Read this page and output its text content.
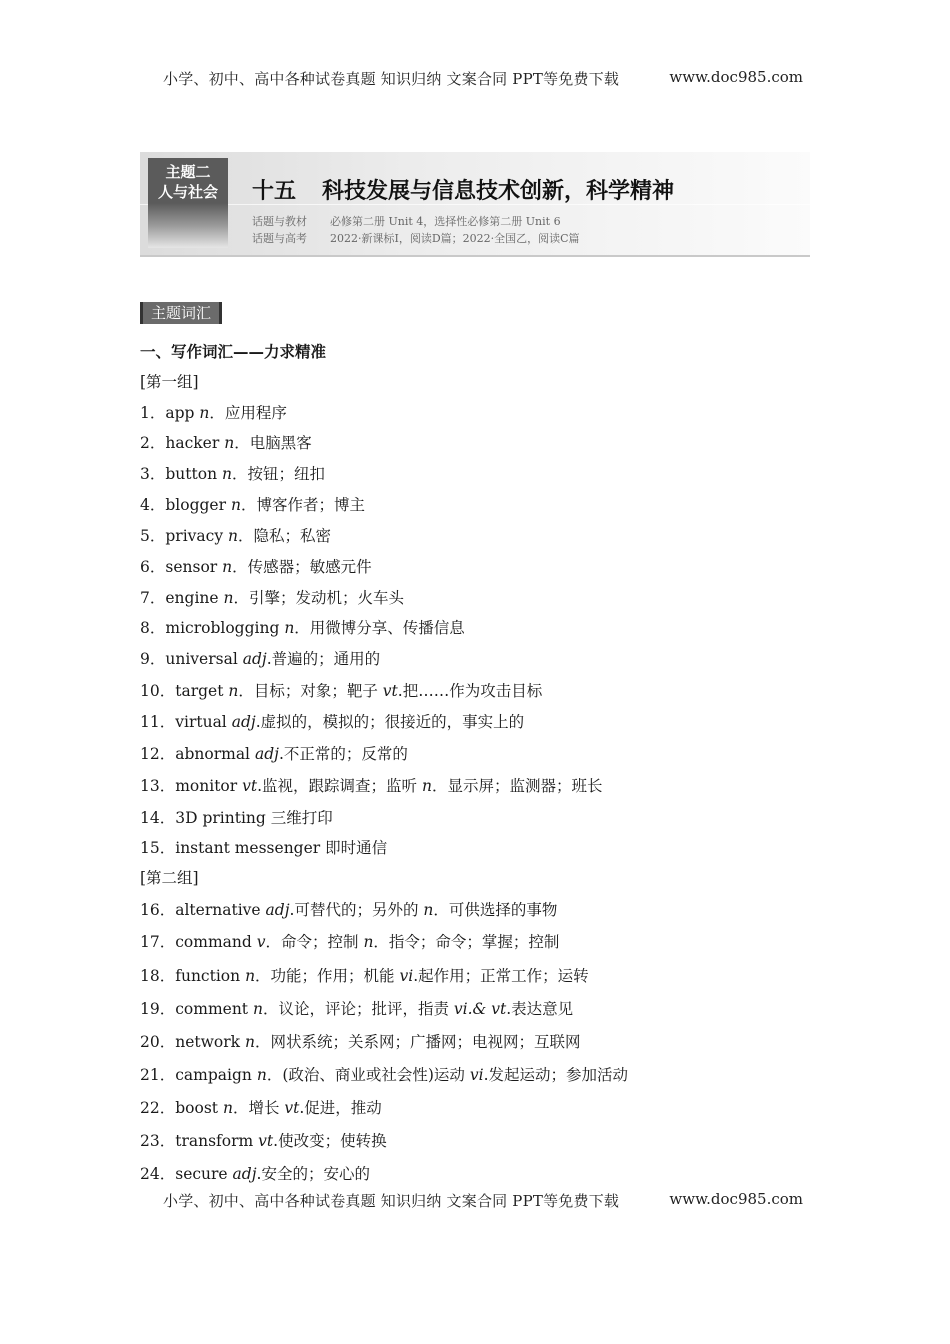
小学、初中、高中各种试卷真题 知识归纳 文案合同 PPT等免费下载	www.doc985.com
主题二
人与社会	十五 科技发展与信息技术创新，科学精神
话题与教材 必修第二册 Unit 4，选择性必修第二册 Unit 6
话题与高考 2022·新课标Ⅰ，阅读D篇；2022·全国乙，阅读C篇
主题词汇
一、写作词汇——力求精准
[第一组]
1．app n．应用程序
2．hacker n．电脑黑客
3．button n．按钮；纽扣
4．blogger n．博客作者；博主
5．privacy n．隐私；私密
6．sensor n．传感器；敏感元件
7．engine n．引擎；发动机；火车头
8．microblogging n．用微博分享、传播信息
9．universal adj.普遍的；通用的
10．target n．目标；对象；靶子 vt.把……作为攻击目标
11．virtual adj.虚拟的，模拟的；很接近的，事实上的
12．abnormal adj.不正常的；反常的
13．monitor vt.监视，跟踪调查；监听 n．显示屏；监测器；班长
14．3D printing 三维打印
15．instant messenger 即时通信
[第二组]
16．alternative adj.可替代的；另外的 n．可供选择的事物
17．command v．命令；控制 n．指令；命令；掌握；控制
18．function n．功能；作用；机能 vi.起作用；正常工作；运转
19．comment n．议论，评论；批评，指责 vi.& vt.表达意见
20．network n．网状系统；关系网；广播网；电视网；互联网
21．campaign n．(政治、商业或社会性)运动 vi.发起运动；参加活动
22．boost n．增长 vt.促进，推动
23．transform vt.使改变；使转换
24．secure adj.安全的；安心的
小学、初中、高中各种试卷真题 知识归纳 文案合同 PPT等免费下载	www.doc985.com
